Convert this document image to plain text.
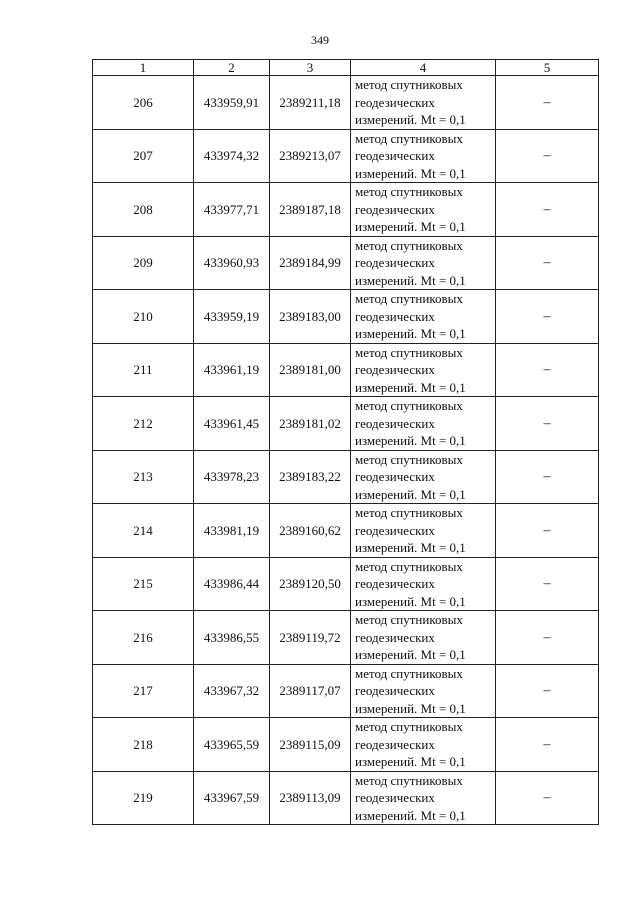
349
1	2	3	4	5
206	433959,91	2389211,18	метод спутниковых
геодезических
измерений. Mt = 0,1	–
207	433974,32	2389213,07	метод спутниковых
геодезических
измерений. Mt = 0,1	–
208	433977,71	2389187,18	метод спутниковых
геодезических
измерений. Mt = 0,1	–
209	433960,93	2389184,99	метод спутниковых
геодезических
измерений. Mt = 0,1	–
210	433959,19	2389183,00	метод спутниковых
геодезических
измерений. Mt = 0,1	–
211	433961,19	2389181,00	метод спутниковых
геодезических
измерений. Mt = 0,1	–
212	433961,45	2389181,02	метод спутниковых
геодезических
измерений. Mt = 0,1	–
213	433978,23	2389183,22	метод спутниковых
геодезических
измерений. Mt = 0,1	–
214	433981,19	2389160,62	метод спутниковых
геодезических
измерений. Mt = 0,1	–
215	433986,44	2389120,50	метод спутниковых
геодезических
измерений. Mt = 0,1	–
216	433986,55	2389119,72	метод спутниковых
геодезических
измерений. Mt = 0,1	–
217	433967,32	2389117,07	метод спутниковых
геодезических
измерений. Mt = 0,1	–
218	433965,59	2389115,09	метод спутниковых
геодезических
измерений. Mt = 0,1	–
219	433967,59	2389113,09	метод спутниковых
геодезических
измерений. Mt = 0,1	–
